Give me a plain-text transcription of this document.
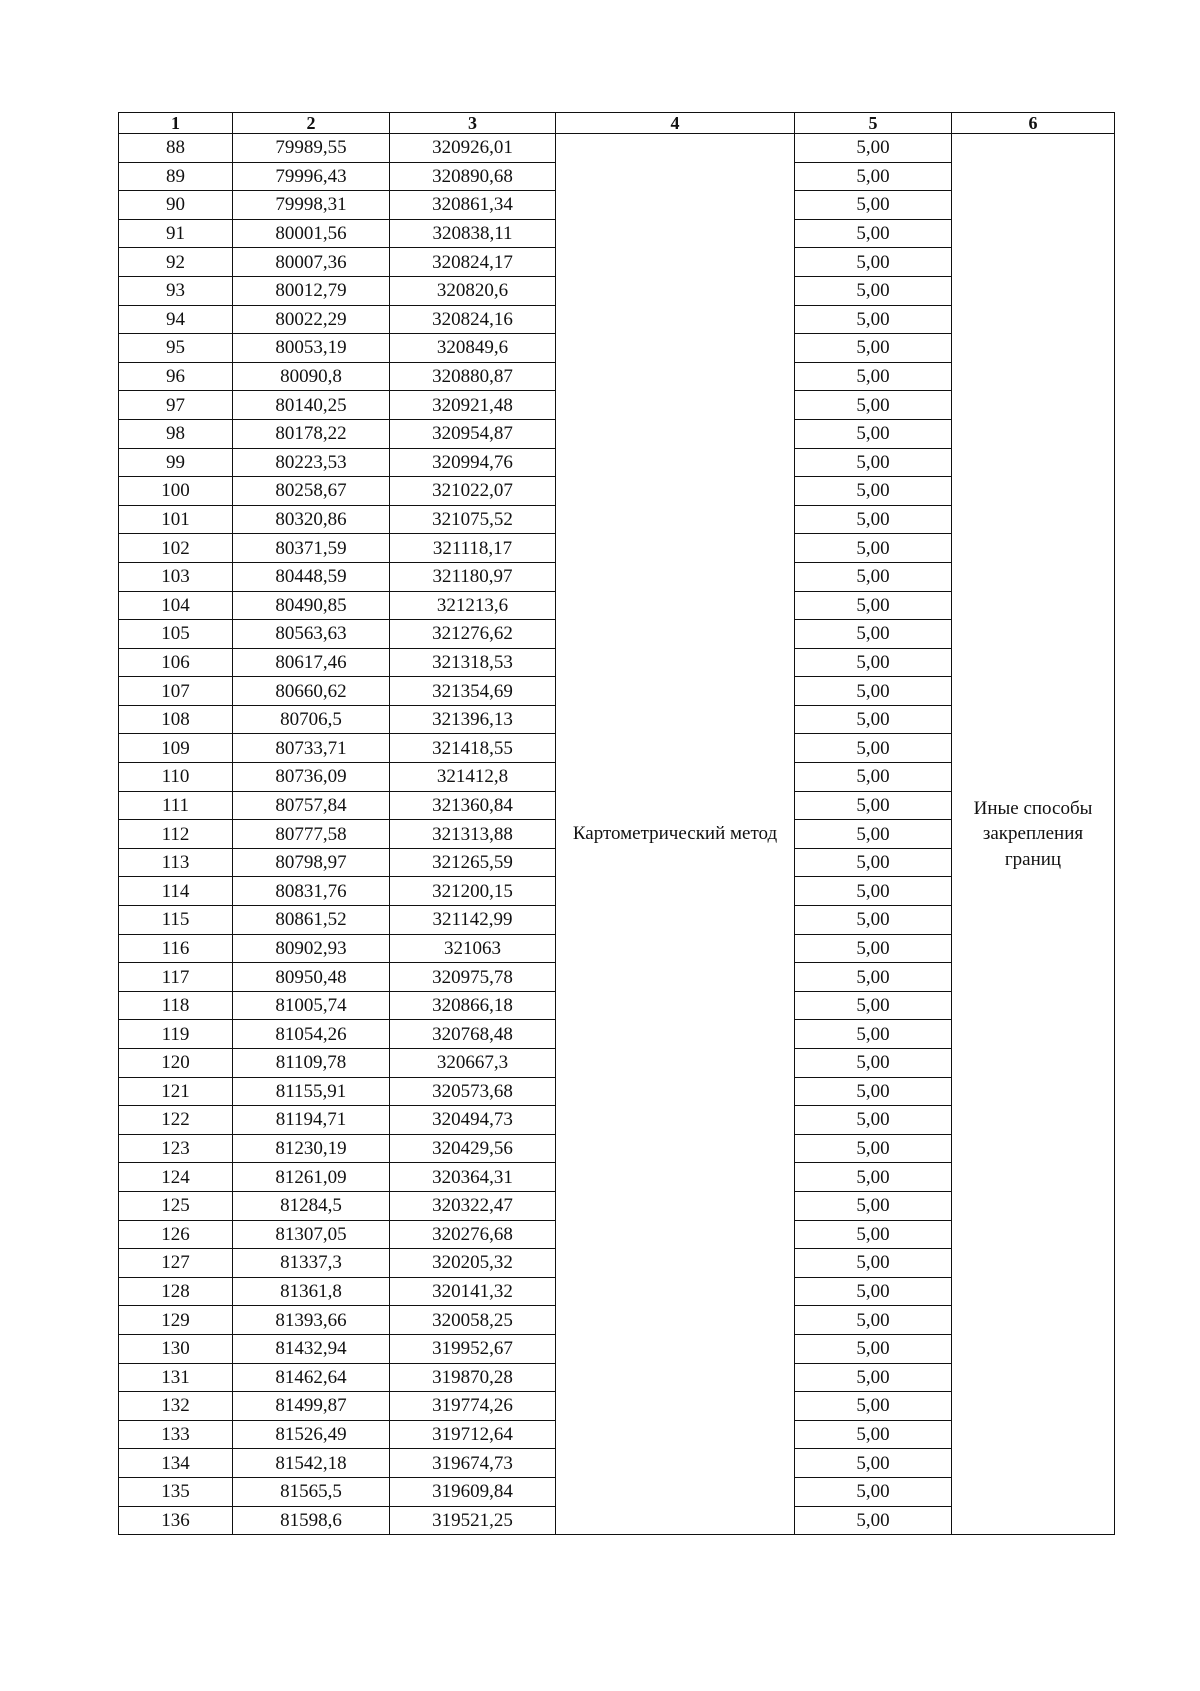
1	2	3	4	5	6
88	79989,55	320926,01	Картометрический метод	5,00	Иные способы закрепления границ
89	79996,43	320890,68		5,00	
90	79998,31	320861,34		5,00	
91	80001,56	320838,11		5,00	
92	80007,36	320824,17		5,00	
93	80012,79	320820,6		5,00	
94	80022,29	320824,16		5,00	
95	80053,19	320849,6		5,00	
96	80090,8	320880,87		5,00	
97	80140,25	320921,48		5,00	
98	80178,22	320954,87		5,00	
99	80223,53	320994,76		5,00	
100	80258,67	321022,07		5,00	
101	80320,86	321075,52		5,00	
102	80371,59	321118,17		5,00	
103	80448,59	321180,97		5,00	
104	80490,85	321213,6		5,00	
105	80563,63	321276,62		5,00	
106	80617,46	321318,53		5,00	
107	80660,62	321354,69		5,00	
108	80706,5	321396,13		5,00	
109	80733,71	321418,55		5,00	
110	80736,09	321412,8		5,00	
111	80757,84	321360,84		5,00	
112	80777,58	321313,88		5,00	
113	80798,97	321265,59		5,00	
114	80831,76	321200,15		5,00	
115	80861,52	321142,99		5,00	
116	80902,93	321063		5,00	
117	80950,48	320975,78		5,00	
118	81005,74	320866,18		5,00	
119	81054,26	320768,48		5,00	
120	81109,78	320667,3		5,00	
121	81155,91	320573,68		5,00	
122	81194,71	320494,73		5,00	
123	81230,19	320429,56		5,00	
124	81261,09	320364,31		5,00	
125	81284,5	320322,47		5,00	
126	81307,05	320276,68		5,00	
127	81337,3	320205,32		5,00	
128	81361,8	320141,32		5,00	
129	81393,66	320058,25		5,00	
130	81432,94	319952,67		5,00	
131	81462,64	319870,28		5,00	
132	81499,87	319774,26		5,00	
133	81526,49	319712,64		5,00	
134	81542,18	319674,73		5,00	
135	81565,5	319609,84		5,00	
136	81598,6	319521,25		5,00	
